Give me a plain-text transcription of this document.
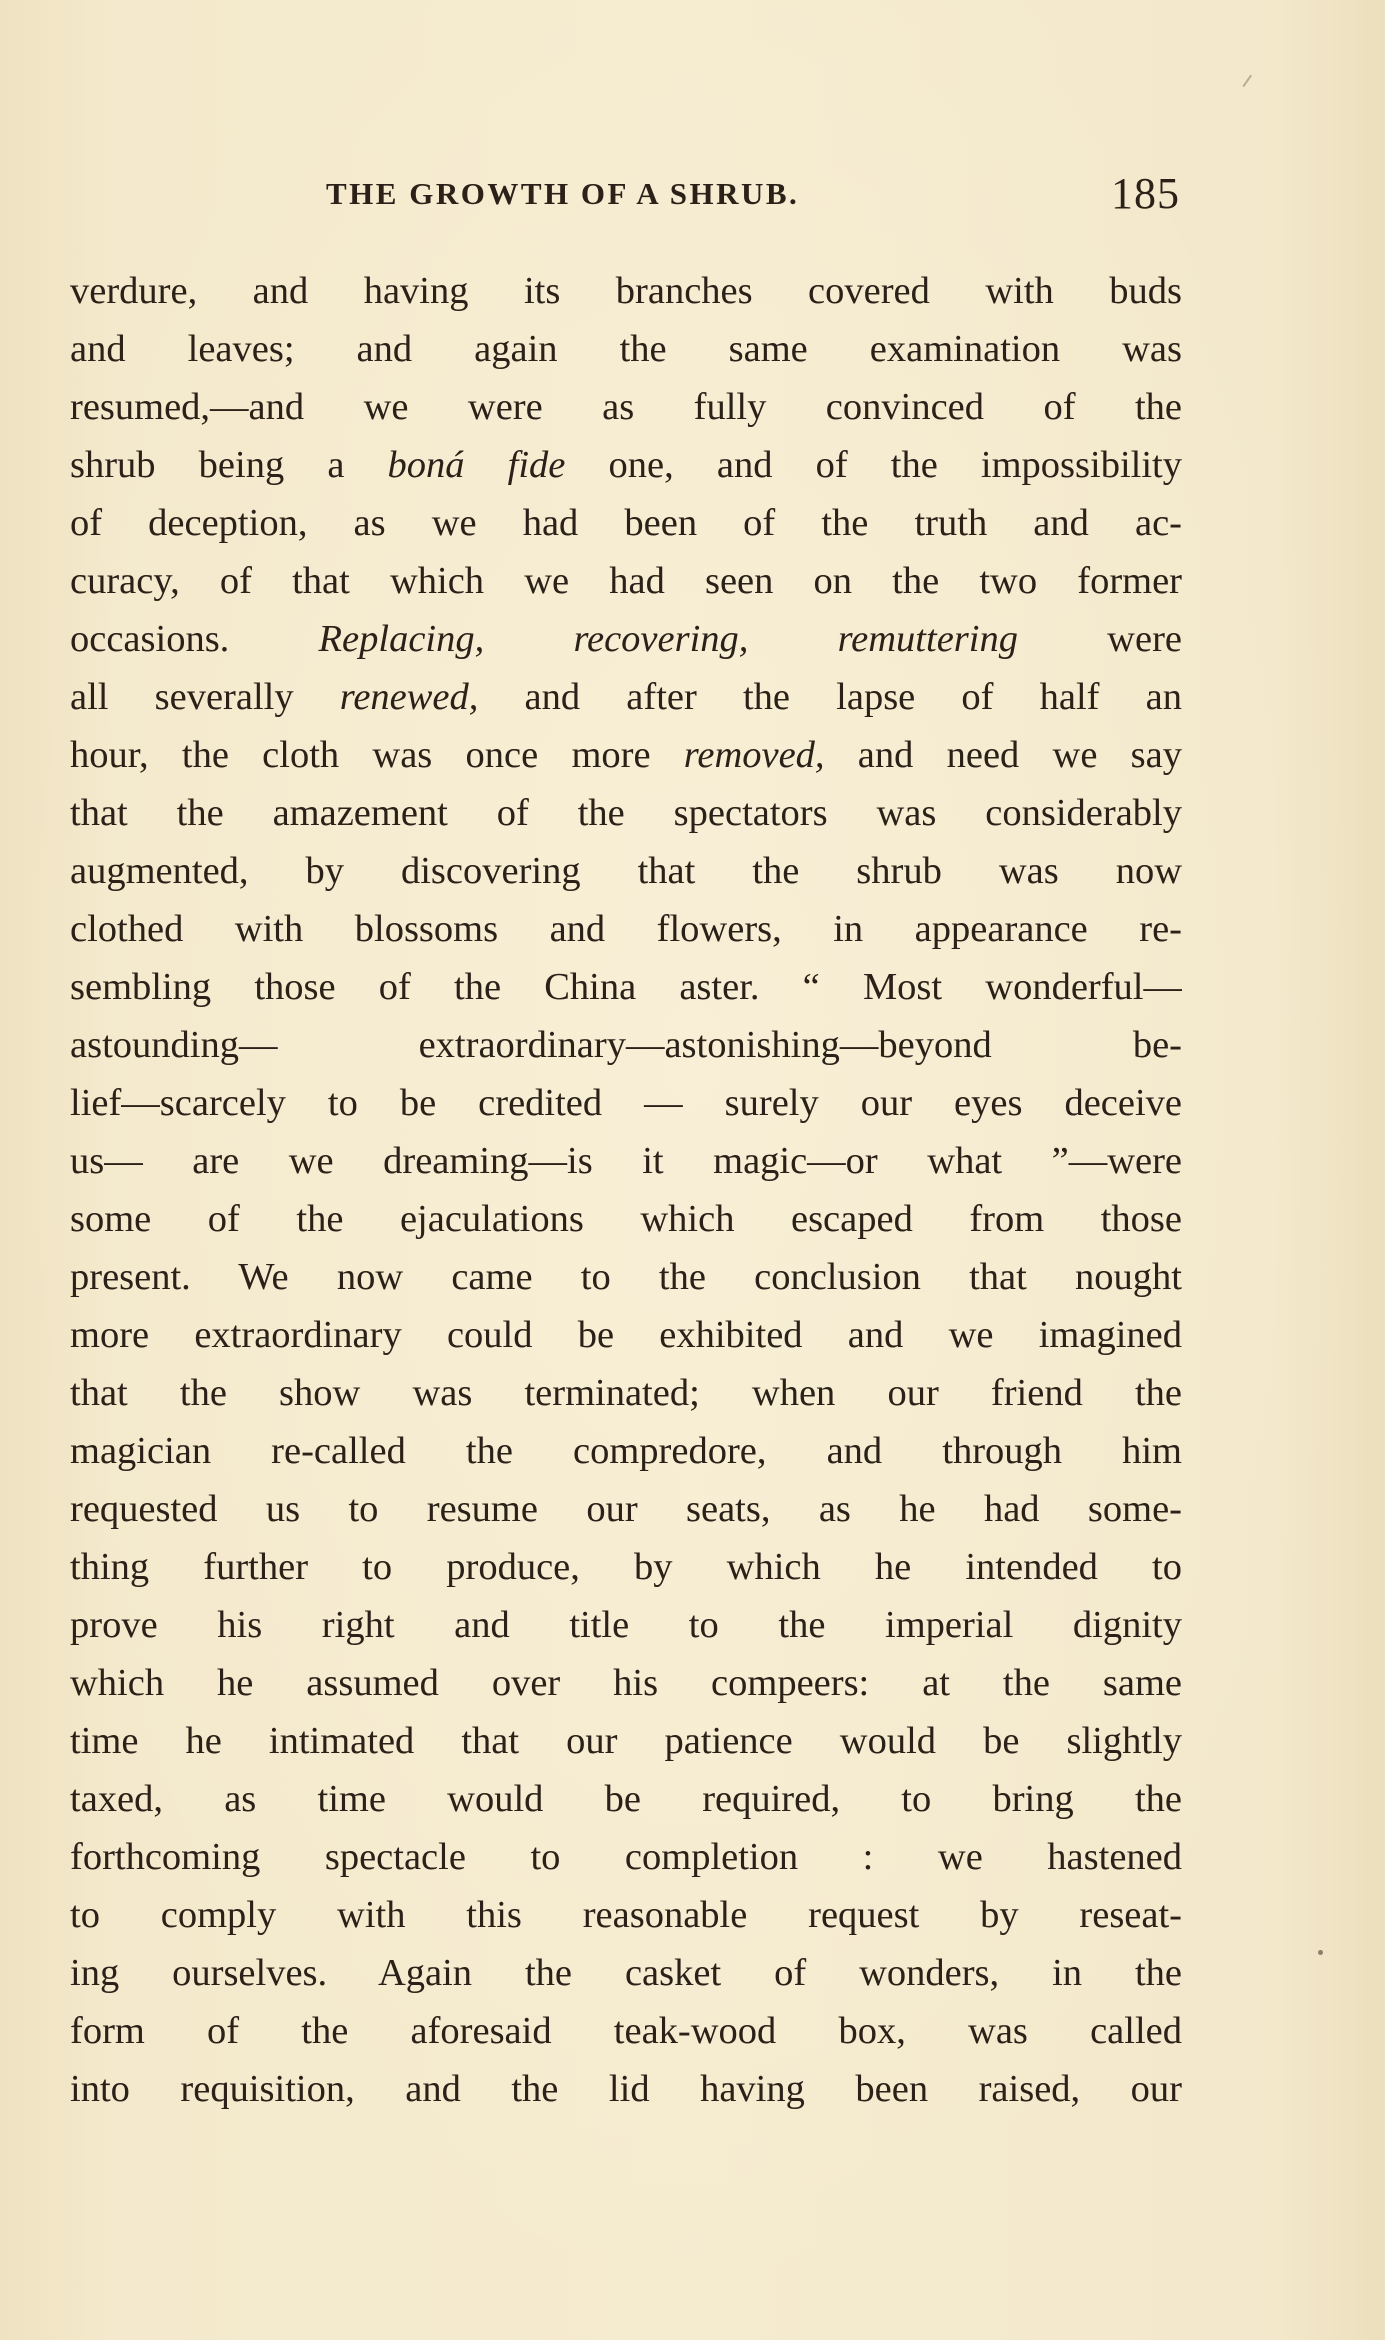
THE GROWTH OF A SHRUB.	185
verdure, and having its branches covered with buds
and leaves; and again the same examination was
resumed,—and we were as fully convinced of the
shrub being a boná fide one, and of the impossibility
of deception, as we had been of the truth and ac-
curacy, of that which we had seen on the two former
occasions. Replacing, recovering, remuttering were
all severally renewed, and after the lapse of half an
hour, the cloth was once more removed, and need we say
that the amazement of the spectators was considerably
augmented, by discovering that the shrub was now
clothed with blossoms and flowers, in appearance re-
sembling those of the China aster. “ Most wonderful—
astounding— extraordinary—astonishing—beyond be-
lief—scarcely to be credited — surely our eyes deceive
us— are we dreaming—is it magic—or what ”—were
some of the ejaculations which escaped from those
present. We now came to the conclusion that nought
more extraordinary could be exhibited and we imagined
that the show was terminated; when our friend the
magician re-called the compredore, and through him
requested us to resume our seats, as he had some-
thing further to produce, by which he intended to
prove his right and title to the imperial dignity
which he assumed over his compeers: at the same
time he intimated that our patience would be slightly
taxed, as time would be required, to bring the
forthcoming spectacle to completion : we hastened
to comply with this reasonable request by reseat-
ing ourselves. Again the casket of wonders, in the
form of the aforesaid teak-wood box, was called
into requisition, and the lid having been raised, our
